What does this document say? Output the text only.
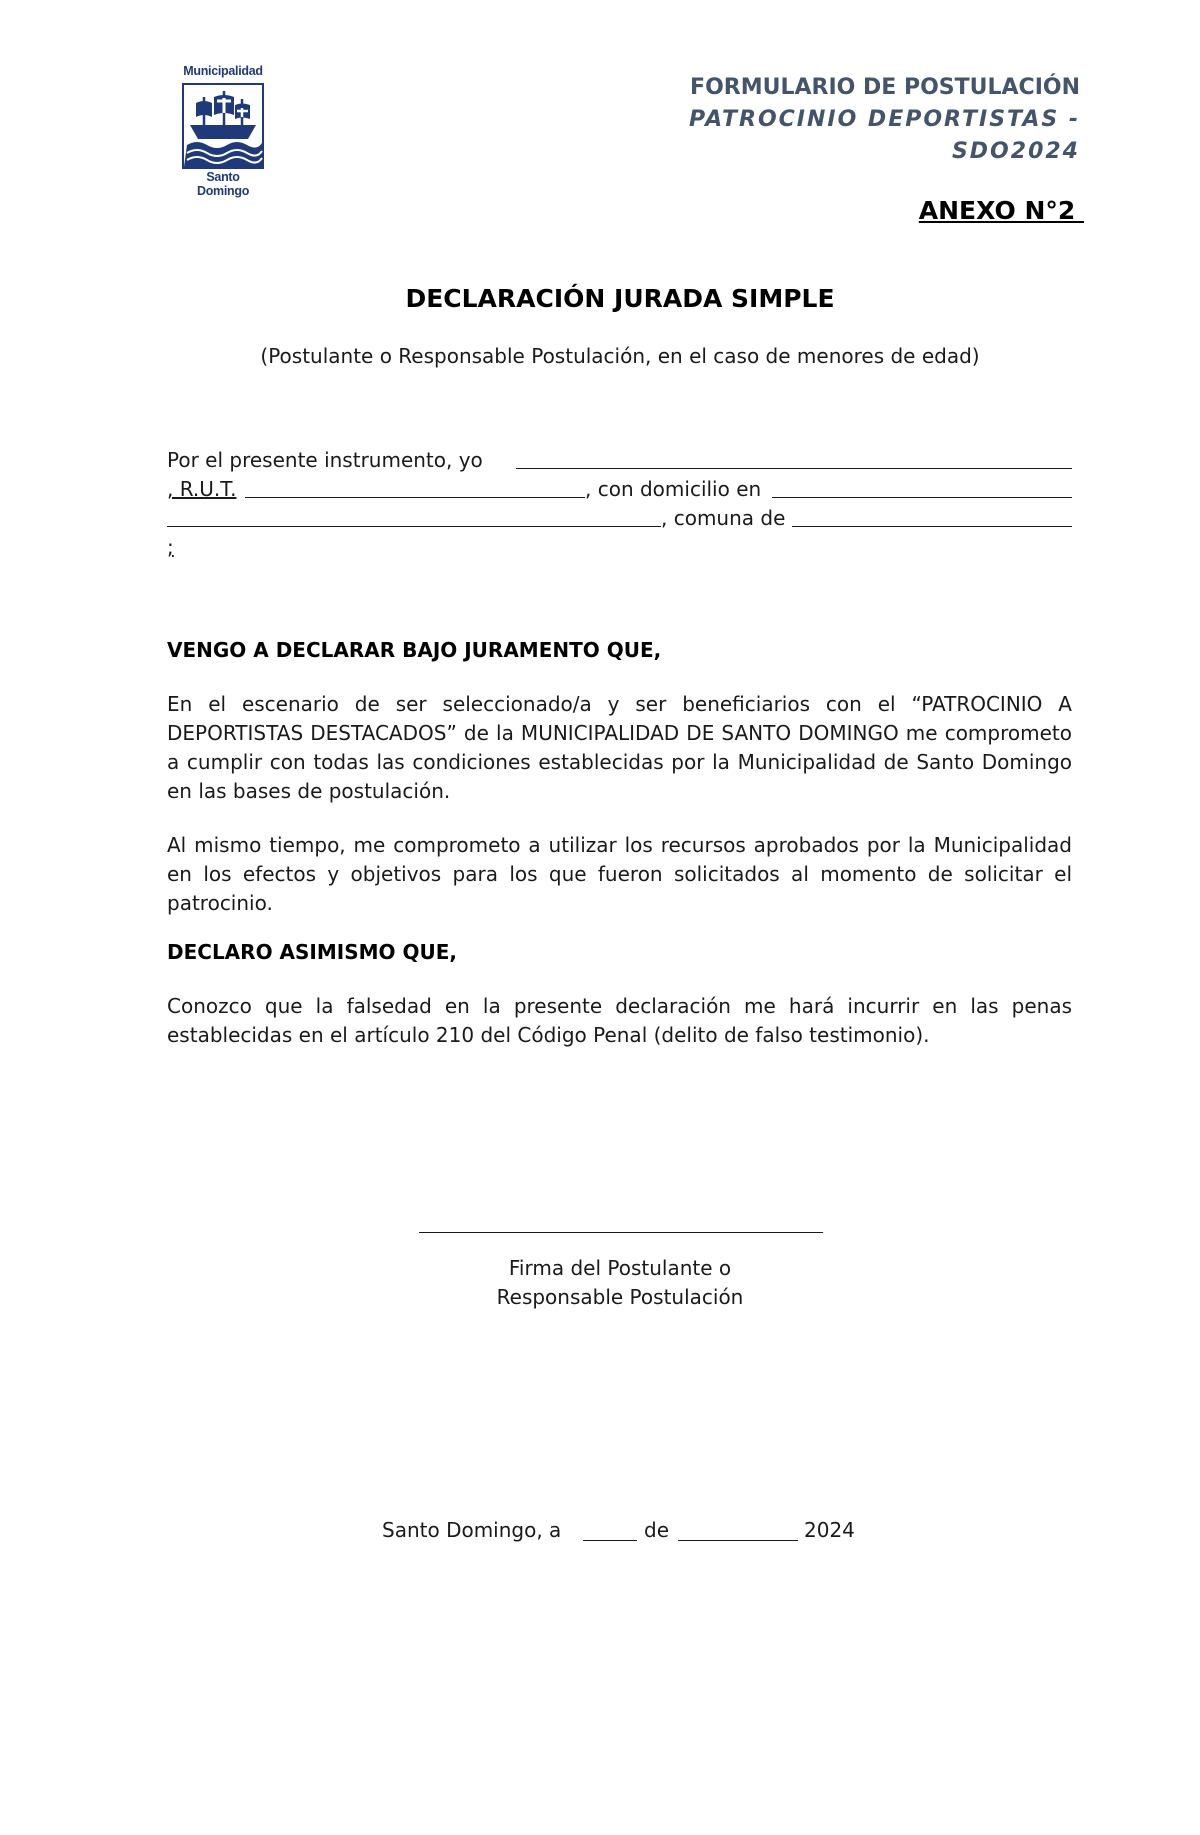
Municipalidad
Santo Domingo
FORMULARIO DE POSTULACIÓN
PATROCINIO DEPORTISTAS -
SDO2024
ANEXO N°2
DECLARACIÓN JURADA SIMPLE
(Postulante o Responsable Postulación, en el caso de menores de edad)
Por el presente instrumento, yo
, R.U.T.	, con domicilio en
, comuna de
;
VENGO A DECLARAR BAJO JURAMENTO QUE,
En el escenario de ser seleccionado/a y ser beneficiarios con el “PATROCINIO A DEPORTISTAS DESTACADOS” de la MUNICIPALIDAD DE SANTO DOMINGO me comprometo a cumplir con todas las condiciones establecidas por la Municipalidad de Santo Domingo en las bases de postulación.
Al mismo tiempo, me comprometo a utilizar los recursos aprobados por la Municipalidad en los efectos y objetivos para los que fueron solicitados al momento de solicitar el patrocinio.
DECLARO ASIMISMO QUE,
Conozco que la falsedad en la presente declaración me hará incurrir en las penas establecidas en el artículo 210 del Código Penal (delito de falso testimonio).
Firma del Postulante o
Responsable Postulación
Santo Domingo, a	de	2024
